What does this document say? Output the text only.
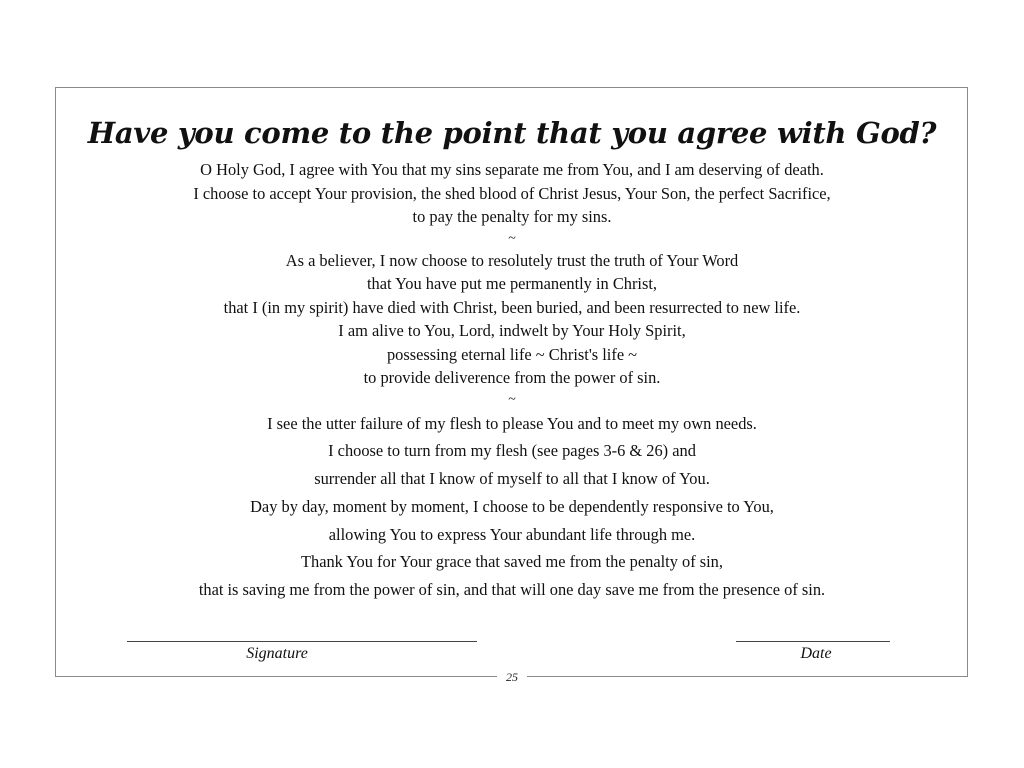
Have you come to the point that you agree with God?
O Holy God, I agree with You that my sins separate me from You, and I am deserving of death.
I choose to accept Your provision, the shed blood of Christ Jesus, Your Son, the perfect Sacrifice,
to pay the penalty for my sins.
~
As a believer, I now choose to resolutely trust the truth of Your Word
that You have put me permanently in Christ,
that I (in my spirit) have died with Christ, been buried, and been resurrected to new life.
I am alive to You, Lord, indwelt by Your Holy Spirit,
possessing eternal life ~ Christ's life ~
to provide deliverence from the power of sin.
~
I see the utter failure of my flesh to please You and to meet my own needs.
I choose to turn from my flesh (see pages 3-6 & 26) and
surrender all that I know of myself to all that I know of You.
Day by day, moment by moment, I choose to be dependently responsive to You,
allowing You to express Your abundant life through me.
Thank You for Your grace that saved me from the penalty of sin,
that is saving me from the power of sin, and that will one day save me from the presence of sin.
Signature	Date
25
